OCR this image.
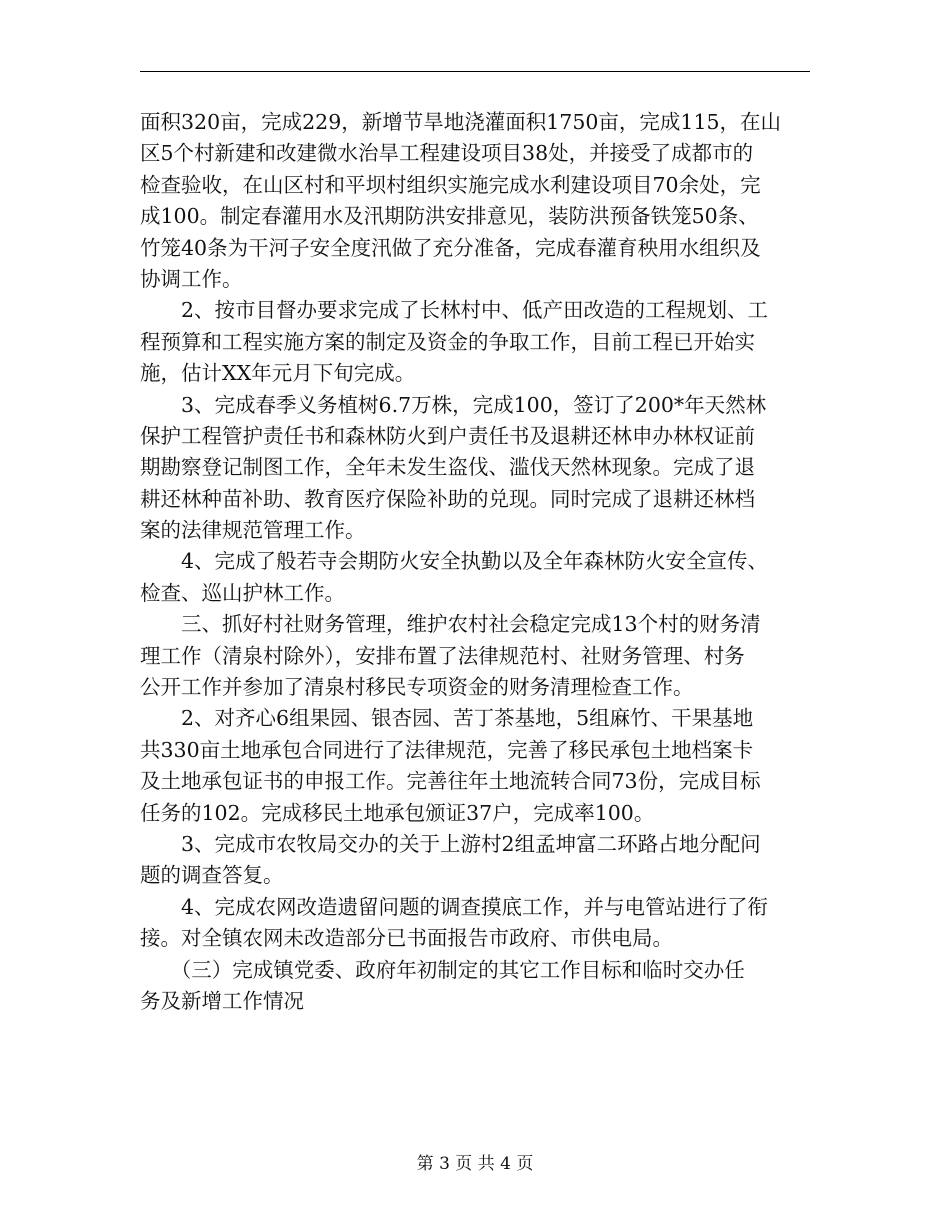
面积320亩，完成229，新增节旱地浇灌面积1750亩，完成115，在山
区5个村新建和改建微水治旱工程建设项目38处，并接受了成都市的
检查验收，在山区村和平坝村组织实施完成水利建设项目70余处，完
成100。制定春灌用水及汛期防洪安排意见，装防洪预备铁笼50条、
竹笼40条为干河子安全度汛做了充分准备，完成春灌育秧用水组织及
协调工作。
　　2、按市目督办要求完成了长林村中、低产田改造的工程规划、工
程预算和工程实施方案的制定及资金的争取工作，目前工程已开始实
施，估计XX年元月下旬完成。
　　3、完成春季义务植树6.7万株，完成100，签订了200*年天然林
保护工程管护责任书和森林防火到户责任书及退耕还林申办林权证前
期勘察登记制图工作，全年未发生盗伐、滥伐天然林现象。完成了退
耕还林种苗补助、教育医疗保险补助的兑现。同时完成了退耕还林档
案的法律规范管理工作。
　　4、完成了般若寺会期防火安全执勤以及全年森林防火安全宣传、
检查、巡山护林工作。
　　三、抓好村社财务管理，维护农村社会稳定完成13个村的财务清
理工作（清泉村除外），安排布置了法律规范村、社财务管理、村务
公开工作并参加了清泉村移民专项资金的财务清理检查工作。
　　2、对齐心6组果园、银杏园、苦丁茶基地，5组麻竹、干果基地
共330亩土地承包合同进行了法律规范，完善了移民承包土地档案卡
及土地承包证书的申报工作。完善往年土地流转合同73份，完成目标
任务的102。完成移民土地承包颁证37户，完成率100。
　　3、完成市农牧局交办的关于上游村2组孟坤富二环路占地分配问
题的调查答复。
　　4、完成农网改造遗留问题的调查摸底工作，并与电管站进行了衔
接。对全镇农网未改造部分已书面报告市政府、市供电局。
　　（三）完成镇党委、政府年初制定的其它工作目标和临时交办任
务及新增工作情况
第 3 页 共 4 页
